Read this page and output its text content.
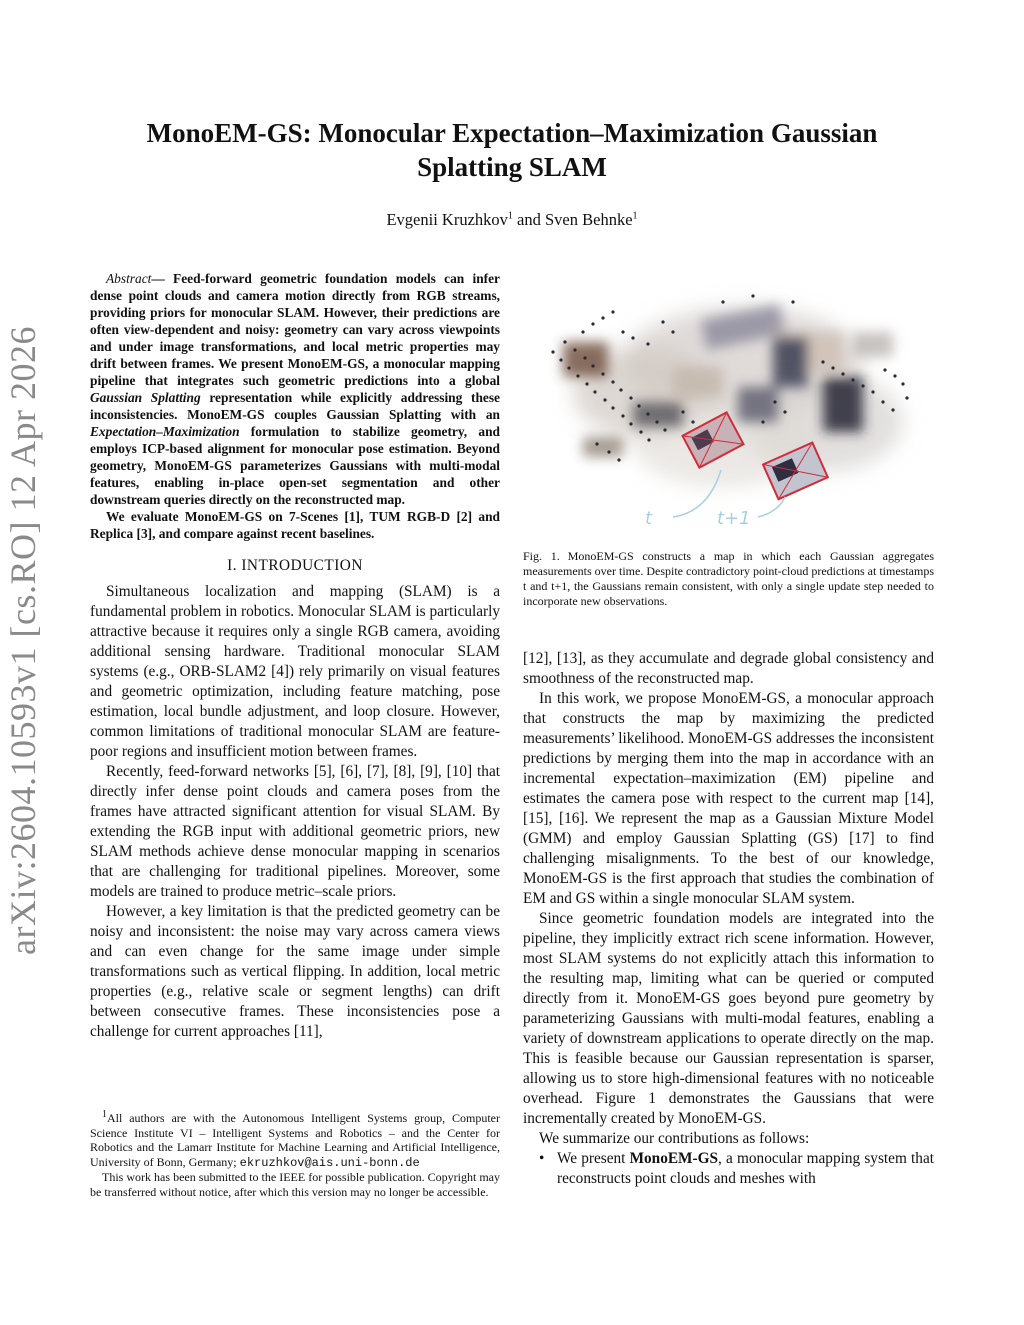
arXiv:2604.10593v1 [cs.RO] 12 Apr 2026
MonoEM-GS: Monocular Expectation–Maximization Gaussian
Splatting SLAM
Evgenii Kruzhkov$^1$ and Sven Behnke$^1$

Abstract— Feed-forward geometric foundation models can infer dense point clouds and camera motion directly from RGB streams, providing priors for monocular SLAM. However, their predictions are often view-dependent and noisy: geometry can vary across viewpoints and under image transformations, and local metric properties may drift between frames. We present MonoEM-GS, a monocular mapping pipeline that integrates such geometric predictions into a global Gaussian Splatting representation while explicitly addressing these inconsistencies. MonoEM-GS couples Gaussian Splatting with an Expectation–Maximization formulation to stabilize geometry, and employs ICP-based alignment for monocular pose estimation. Beyond geometry, MonoEM-GS parameterizes Gaussians with multi-modal features, enabling in-place open-set segmentation and other downstream queries directly on the reconstructed map.

We evaluate MonoEM-GS on 7-Scenes [1], TUM RGB-D [2] and Replica [3], and compare against recent baselines.

I. INTRODUCTION

Simultaneous localization and mapping (SLAM) is a fundamental problem in robotics. Monocular SLAM is particularly attractive because it requires only a single RGB camera, avoiding additional sensing hardware. Traditional monocular SLAM systems (e.g., ORB-SLAM2 [4]) rely primarily on visual features and geometric optimization, including feature matching, pose estimation, local bundle adjustment, and loop closure. However, common limitations of traditional monocular SLAM are feature-poor regions and insufficient motion between frames.

Recently, feed-forward networks [5], [6], [7], [8], [9], [10] that directly infer dense point clouds and camera poses from the frames have attracted significant attention for visual SLAM. By extending the RGB input with additional geometric priors, new SLAM methods achieve dense monocular mapping in scenarios that are challenging for traditional pipelines. Moreover, some models are trained to produce metric–scale priors.

However, a key limitation is that the predicted geometry can be noisy and inconsistent: the noise may vary across camera views and can even change for the same image under simple transformations such as vertical flipping. In addition, local metric properties (e.g., relative scale or segment lengths) can drift between consecutive frames. These inconsistencies pose a challenge for current approaches [11],

$^1$All authors are with the Autonomous Intelligent Systems group, Computer Science Institute VI – Intelligent Systems and Robotics – and the Center for Robotics and the Lamarr Institute for Machine Learning and Artificial Intelligence, University of Bonn, Germany; ekruzhkov@ais.uni-bonn.de

This work has been submitted to the IEEE for possible publication. Copyright may be transferred without notice, after which this version may no longer be accessible.

t	t+1
Fig. 1. MonoEM-GS constructs a map in which each Gaussian aggregates measurements over time. Despite contradictory point-cloud predictions at timestamps t and t+1, the Gaussians remain consistent, with only a single update step needed to incorporate new observations.

[12], [13], as they accumulate and degrade global consistency and smoothness of the reconstructed map.

In this work, we propose MonoEM-GS, a monocular approach that constructs the map by maximizing the predicted measurements’ likelihood. MonoEM-GS addresses the inconsistent predictions by merging them into the map in accordance with an incremental expectation–maximization (EM) pipeline and estimates the camera pose with respect to the current map [14], [15], [16]. We represent the map as a Gaussian Mixture Model (GMM) and employ Gaussian Splatting (GS) [17] to find challenging misalignments. To the best of our knowledge, MonoEM-GS is the first approach that studies the combination of EM and GS within a single monocular SLAM system.

Since geometric foundation models are integrated into the pipeline, they implicitly extract rich scene information. However, most SLAM systems do not explicitly attach this information to the resulting map, limiting what can be queried or computed directly from it. MonoEM-GS goes beyond pure geometry by parameterizing Gaussians with multi-modal features, enabling a variety of downstream applications to operate directly on the map. This is feasible because our Gaussian representation is sparser, allowing us to store high-dimensional features with no noticeable overhead. Figure 1 demonstrates the Gaussians that were incrementally created by MonoEM-GS.

We summarize our contributions as follows:

• We present MonoEM-GS, a monocular mapping system that reconstructs point clouds and meshes with
